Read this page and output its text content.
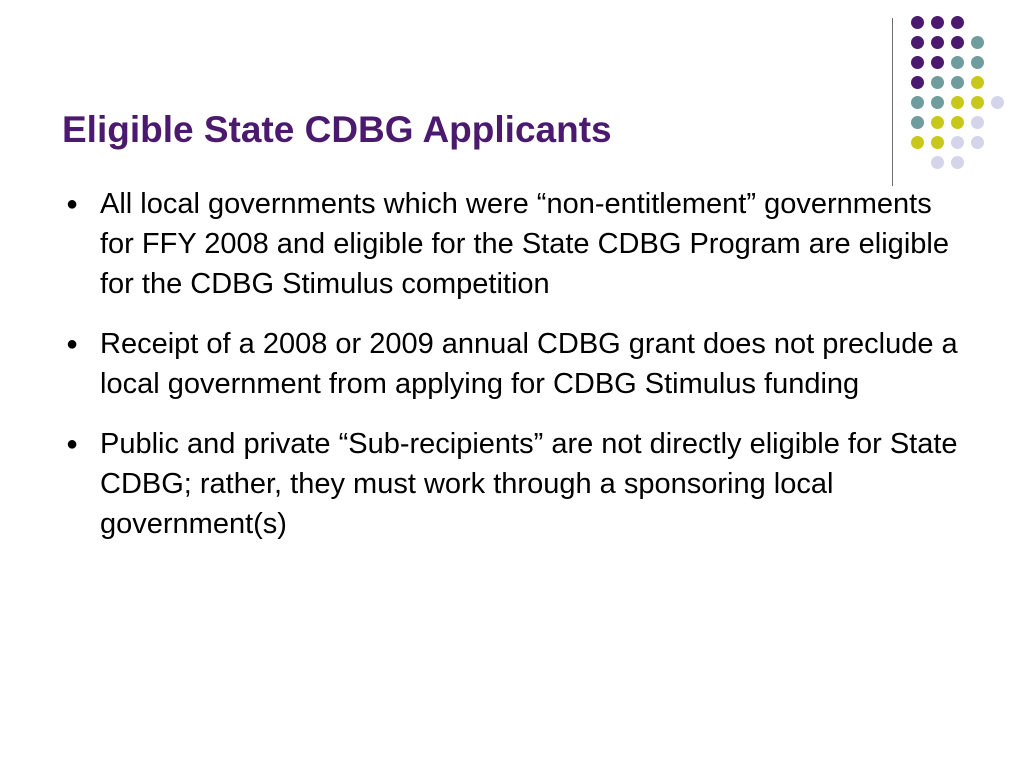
Eligible State CDBG Applicants
● All local governments which were “non-entitlement” governments for FFY 2008 and eligible for the State CDBG Program are eligible for the CDBG Stimulus competition
● Receipt of a 2008 or 2009 annual CDBG grant does not preclude a local government from applying for CDBG Stimulus funding
● Public and private “Sub-recipients” are not directly eligible for State CDBG; rather, they must work through a sponsoring local government(s)
